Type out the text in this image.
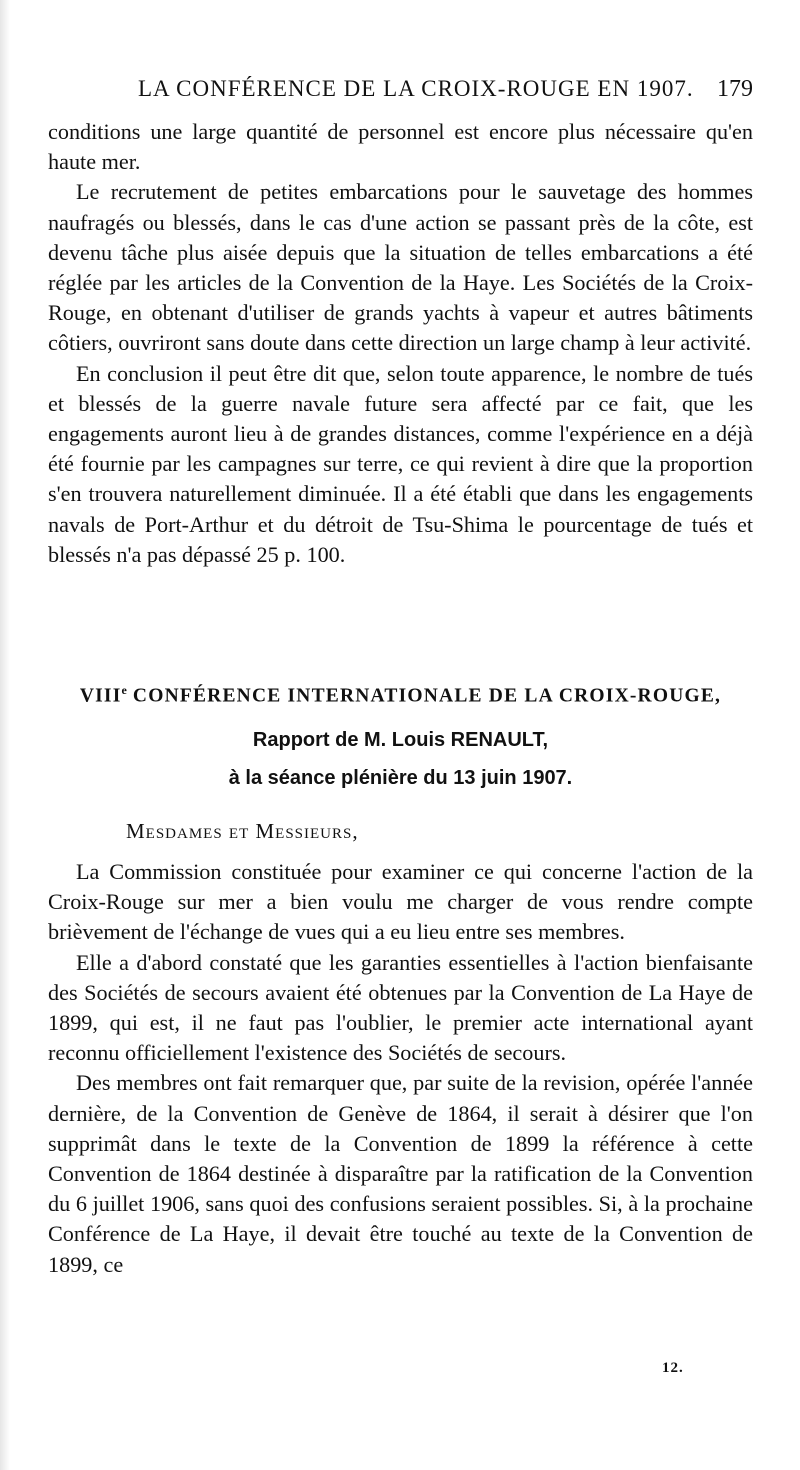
LA CONFÉRENCE DE LA CROIX-ROUGE EN 1907. 179

conditions une large quantité de personnel est encore plus nécessaire qu'en haute mer.

Le recrutement de petites embarcations pour le sauvetage des hommes naufragés ou blessés, dans le cas d'une action se passant près de la côte, est devenu tâche plus aisée depuis que la situation de telles embarcations a été réglée par les articles de la Convention de la Haye. Les Sociétés de la Croix-Rouge, en obtenant d'utiliser de grands yachts à vapeur et autres bâtiments côtiers, ouvriront sans doute dans cette direction un large champ à leur activité.

En conclusion il peut être dit que, selon toute apparence, le nombre de tués et blessés de la guerre navale future sera affecté par ce fait, que les engagements auront lieu à de grandes distances, comme l'expérience en a déjà été fournie par les campagnes sur terre, ce qui revient à dire que la proportion s'en trouvera naturellement diminuée. Il a été établi que dans les engagements navals de Port-Arthur et du détroit de Tsu-Shima le pourcentage de tués et blessés n'a pas dépassé 25 p. 100.

VIIIe CONFÉRENCE INTERNATIONALE DE LA CROIX-ROUGE,
Rapport de M. Louis RENAULT,
à la séance plénière du 13 juin 1907.
Mesdames et Messieurs,

La Commission constituée pour examiner ce qui concerne l'action de la Croix-Rouge sur mer a bien voulu me charger de vous rendre compte brièvement de l'échange de vues qui a eu lieu entre ses membres.

Elle a d'abord constaté que les garanties essentielles à l'action bienfaisante des Sociétés de secours avaient été obtenues par la Convention de La Haye de 1899, qui est, il ne faut pas l'oublier, le premier acte international ayant reconnu officiellement l'existence des Sociétés de secours.

Des membres ont fait remarquer que, par suite de la revision, opérée l'année dernière, de la Convention de Genève de 1864, il serait à désirer que l'on supprimât dans le texte de la Convention de 1899 la référence à cette Convention de 1864 destinée à disparaître par la ratification de la Convention du 6 juillet 1906, sans quoi des confusions seraient possibles. Si, à la prochaine Conférence de La Haye, il devait être touché au texte de la Convention de 1899, ce

12.
